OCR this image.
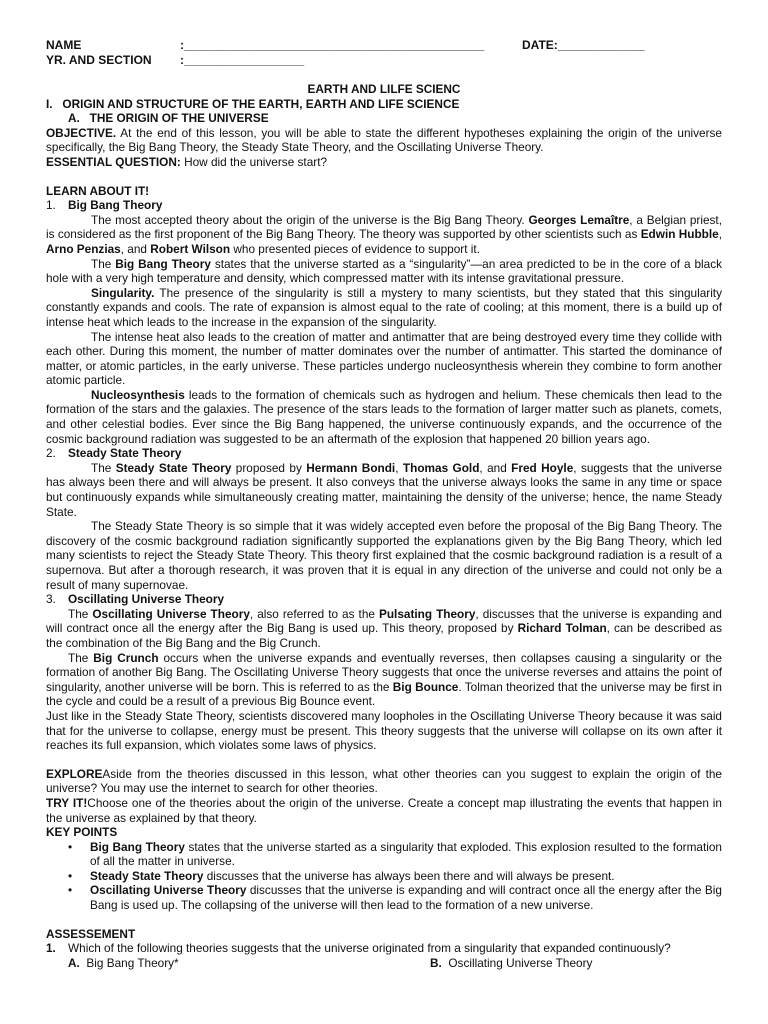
NAME	:_____________________________________________	DATE:_____________
YR. AND SECTION :__________________
EARTH AND LILFE SCIENC
I.   ORIGIN AND STRUCTURE OF THE EARTH, EARTH AND LIFE SCIENCE
A.   THE ORIGIN OF THE UNIVERSE
OBJECTIVE. At the end of this lesson, you will be able to state the different hypotheses explaining the origin of the universe specifically, the Big Bang Theory, the Steady State Theory, and the Oscillating Universe Theory.
ESSENTIAL QUESTION: How did the universe start?
LEARN ABOUT IT!
1. Big Bang Theory
The most accepted theory about the origin of the universe is the Big Bang Theory. Georges Lemaître, a Belgian priest, is considered as the first proponent of the Big Bang Theory. The theory was supported by other scientists such as Edwin Hubble, Arno Penzias, and Robert Wilson who presented pieces of evidence to support it.
The Big Bang Theory states that the universe started as a “singularity”—an area predicted to be in the core of a black hole with a very high temperature and density, which compressed matter with its intense gravitational pressure.
Singularity. The presence of the singularity is still a mystery to many scientists, but they stated that this singularity constantly expands and cools. The rate of expansion is almost equal to the rate of cooling; at this moment, there is a build up of intense heat which leads to the increase in the expansion of the singularity.
The intense heat also leads to the creation of matter and antimatter that are being destroyed every time they collide with each other. During this moment, the number of matter dominates over the number of antimatter. This started the dominance of matter, or atomic particles, in the early universe. These particles undergo nucleosynthesis wherein they combine to form another atomic particle.
Nucleosynthesis leads to the formation of chemicals such as hydrogen and helium. These chemicals then lead to the formation of the stars and the galaxies. The presence of the stars leads to the formation of larger matter such as planets, comets, and other celestial bodies. Ever since the Big Bang happened, the universe continuously expands, and the occurrence of the cosmic background radiation was suggested to be an aftermath of the explosion that happened 20 billion years ago.
2. Steady State Theory
The Steady State Theory proposed by Hermann Bondi, Thomas Gold, and Fred Hoyle, suggests that the universe has always been there and will always be present. It also conveys that the universe always looks the same in any time or space but continuously expands while simultaneously creating matter, maintaining the density of the universe; hence, the name Steady State.
The Steady State Theory is so simple that it was widely accepted even before the proposal of the Big Bang Theory. The discovery of the cosmic background radiation significantly supported the explanations given by the Big Bang Theory, which led many scientists to reject the Steady State Theory. This theory first explained that the cosmic background radiation is a result of a supernova. But after a thorough research, it was proven that it is equal in any direction of the universe and could not only be a result of many supernovae.
3. Oscillating Universe Theory
The Oscillating Universe Theory, also referred to as the Pulsating Theory, discusses that the universe is expanding and will contract once all the energy after the Big Bang is used up. This theory, proposed by Richard Tolman, can be described as the combination of the Big Bang and the Big Crunch.
The Big Crunch occurs when the universe expands and eventually reverses, then collapses causing a singularity or the formation of another Big Bang. The Oscillating Universe Theory suggests that once the universe reverses and attains the point of singularity, another universe will be born. This is referred to as the Big Bounce. Tolman theorized that the universe may be first in the cycle and could be a result of a previous Big Bounce event.
Just like in the Steady State Theory, scientists discovered many loopholes in the Oscillating Universe Theory because it was said that for the universe to collapse, energy must be present. This theory suggests that the universe will collapse on its own after it reaches its full expansion, which violates some laws of physics.
EXPLOREAside from the theories discussed in this lesson, what other theories can you suggest to explain the origin of the universe? You may use the internet to search for other theories.
TRY IT!Choose one of the theories about the origin of the universe. Create a concept map illustrating the events that happen in the universe as explained by that theory.
KEY POINTS
• Big Bang Theory states that the universe started as a singularity that exploded. This explosion resulted to the formation of all the matter in universe.
• Steady State Theory discusses that the universe has always been there and will always be present.
• Oscillating Universe Theory discusses that the universe is expanding and will contract once all the energy after the Big Bang is used up. The collapsing of the universe will then lead to the formation of a new universe.
ASSESSEMENT
1. Which of the following theories suggests that the universe originated from a singularity that expanded continuously?
A. Big Bang Theory*	B. Oscillating Universe Theory
